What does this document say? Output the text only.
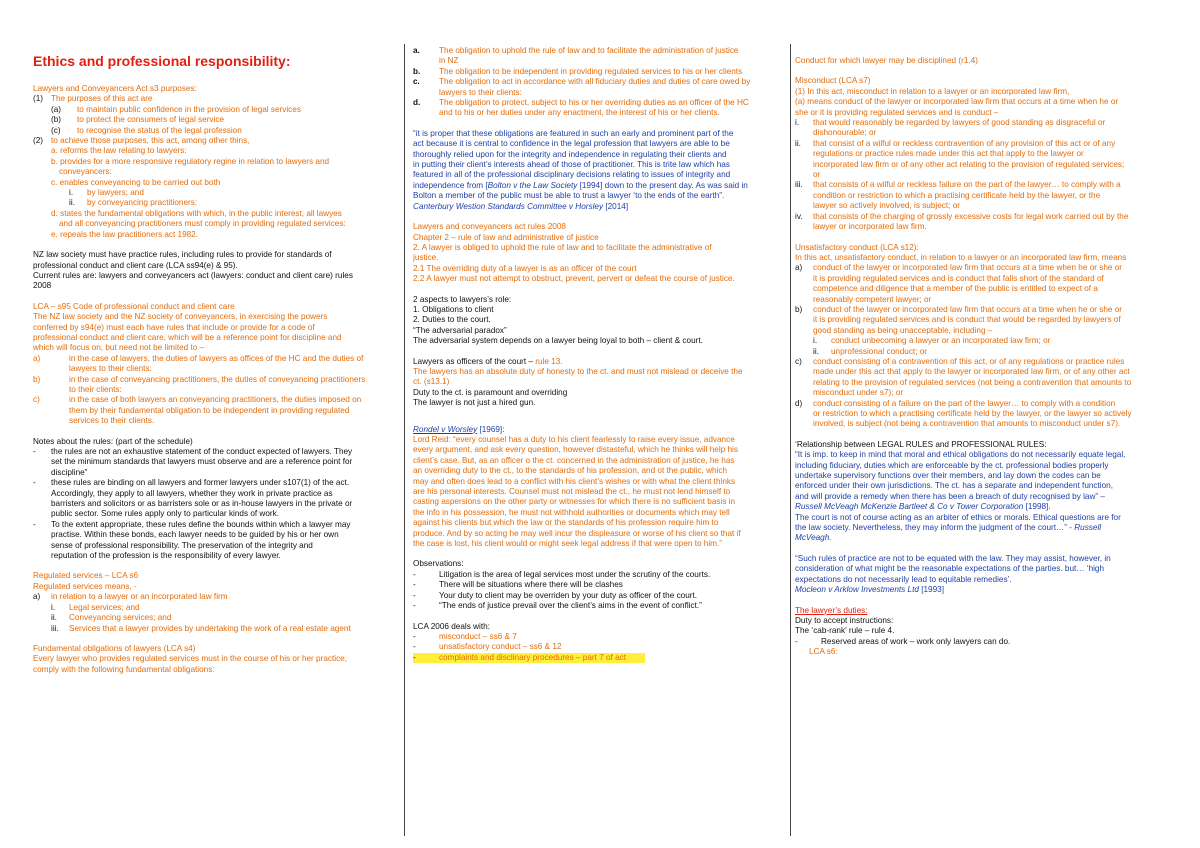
Ethics and professional responsibility:

Lawyers and Conveyancers Act s3 purposes:

(1) The purposes of this act are
(a)	to maintain public confidence in the provision of legal services
(b)	to protect the consumers of legal service
(c)	to recognise the status of the legal profession
(2) to achieve those purposes, this act, among other thins,

a. reforms the law relating to lawyers:

b. provides for a more responsive regulatory regine in relation to lawyers and

conveyancers:

c. enables conveyancing to be carried out both

i.	by lawyers; and
ii.	by conveyancing practitioners:

d. states the fundamental obligations with which, in the public interest, all lawyes

and all conveyancing practitioners must comply in providing regulated services:

e. repeals the law practitioners act 1982.

NZ law society must have practice rules, including rules to provide for standards of

professional conduct and client care (LCA ss94(e) & 95).

Current rules are: lawyers and conveyancers act (lawyers: conduct and client care) rules

2008

LCA – s95 Code of professional conduct and client care

The NZ law society and the NZ society of conveyancers, in exercising the powers

conferred by s94(e) must each have rules that include or provide for a code of

professional conduct and client care, which will be a reference point for discipline and

which will focus on, but need not be limited to –

a)	in the case of lawyers, the duties of lawyers as offices of the HC and the duties of
lawyers to their clients:
b)	in the case of conveyancing practitioners, the duties of conveyancing practitioners
to their clients:
c)	in the case of both lawyers an conveyancing practitioners, the duties imposed on
them by their fundamental obligation to be independent in providing regulated
services to their clients.

Notes about the rules: (part of the schedule)

-	the rules are not an exhaustive statement of the conduct expected of lawyers. They
set the minimum standards that lawyers must observe and are a reference point for
discipline”
-	these rules are binding on all lawyers and former lawyers under s107(1) of the act.
Accordingly, they apply to all lawyers, whether they work in private practice as
barristers and solicitors or as barristers sole or as in-house lawyers in the private or
public sector. Some rules apply only to particular kinds of work.
-	To the extent appropriate, these rules define the bounds within which a lawyer may
practise. Within these bonds, each lawyer needs to be guided by his or her own
sense of professional responsibility. The preservation of the integrity and
reputation of the profession is the responsibility of every lawyer.

Regulated services – LCA s6

Regulated services means, -

a)	in relation to a lawyer or an incorporated law firm
i.	Legal services; and
ii.	Conveyancing services; and
iii.	Services that a lawyer provides by undertaking the work of a real estate agent

Fundamental obligations of lawyers (LCA s4)

Every lawyer who provides regulated services must in the course of his or her practice,

comply with the following fundamental obligations:

a.	The obligation to uphold the rule of law and to facilitate the administration of justice
in NZ
b.	The obligation to be independent in providing regulated services to his or her clients
c.	The obligation to act in accordance with all fiduciary duties and duties of care owed by
lawyers to their clients:
d.	The obligation to protect, subject to his or her overriding duties as an officer of the HC
and to his or her duties under any enactment, the interest of his or her clients.

“it is proper that these obligations are featured in such an early and prominent part of the

act because it is central to confidence in the legal profession that lawyers are able to be

thoroughly relied upon for the integrity and independence in regulating their clients and

in putting their client’s interests ahead of those of practitioner. This is trite law which has

featured in all of the professional disciplinary decisions relating to issues of integrity and

independence from [Bolton v the Law Society [1994] down to the present day. As was said in

Bolton a member of the public must be able to trust a lawyer ‘to the ends of the earth”.

Canterbury Westion Standards Committee v Horsley [2014]

Lawyers and conveyancers act rules 2008

Chapter 2 – rule of law and administrative of justice

2. A lawyer is obliged to uphold the rule of law and to facilitate the administrative of

justice.

2.1 The overriding duty of a lawyer is as an officer of the court

2.2 A lawyer must not attempt to obstruct, prevent, pervert or defeat the course of justice.

2 aspects to lawyers’s role:

1. Obligations to client

2. Duties to the court.

“The adversarial paradox”

The adversarial system depends on a lawyer being loyal to both – client & court.

Lawyers as officers of the court – rule 13.

The lawyers has an absolute duty of honesty to the ct. and must not mislead or deceive the

ct. (s13.1)

Duty to the ct. is paramount and overriding

The lawyer is not just a hired gun.

Rondel v Worsley [1969]:

Lord Reid: “every counsel has a duty to his client fearlessly to raise every issue, advance

every argument, and ask every question, however distasteful, which he thinks will help his

client’s case. But, as an officer o the ct. concerned in the administration of justice, he has

an overriding duty to the ct., to the standards of his profession, and ot the public, which

may and often does lead to a conflict with his client’s wishes or with what the client thinks

are his personal interests. Counsel must not mislead the ct., he must not lend himself to

casting aspersions on the other party or witnesses for which there is no sufficient basis in

the info in his possession, he must not withhold authorities or documents which may tell

against his clients but which the law or the standards of his profession require him to

produce. And by so acting he may well incur the displeasure or worse of his client so that if

the case is lost, his client would or might seek legal address if that were open to him.”

Observations:

-	Litigation is the area of legal services most under the scrutiny of the courts.
-	There will be situations where there will be clashes
-	Your duty to client may be overriden by your duty as officer of the court.
-	“The ends of justice prevail over the client’s aims in the event of conflict.”

LCA 2006 deals with:

-	misconduct – ss6 & 7
-	unsatisfactory conduct – ss6 & 12
-	complaints and disclinary procedures – part 7 of act

Conduct for which lawyer may be disciplined (r1.4)

Misconduct (LCA s7)

(1) In this act, misconduct in relation to a lawyer or an incorporated law firm,

(a) means conduct of the lawyer or incorporated law firm that occurs at a time when he or

she or it is providing regulated services and is conduct –

i.	that would reasonably be regarded by lawyers of good standing as disgraceful or
dishonourable; or
ii.	that consist of a wilful or reckless contravention of any provision of this act or of any
regulations or practice rules made under this act that apply to the lawyer or
incorporated law firm or of any other act relating to the provision of regulated services;
or
iii.	that consists of a wilful or reckless failure on the part of the lawyer… to comply with a
condition or restriction to which a practising certificate held by the lawyer, or the
lawyer so actively involved, is subject; or
iv.	that consists of the charging of grossly excessive costs for legal work carried out by the
lawyer or incorporated law firm.

Unsatisfactory conduct (LCA s12):

In this act, unsatisfactory conduct, in relation to a lawyer or an incorporated law firm, means

a)	conduct of the lawyer or incorporated law firm that occurs at a time when he or she or
it is providing regulated services and is conduct that falls short of the standard of
competence and diligence that a member of the public is entitled to expect of a
reasonably competent lawyer; or
b)	conduct of the lawyer or incorporated law firm that occurs at a time when he or she or
it is providing regulated services and is conduct that would be regarded by lawyers of
good standing as being unacceptable, including –
i.	conduct unbecoming a lawyer or an incorporated law firm; or
ii.	unprofessional conduct; or
c)	conduct consisting of a contravention of this act, or of any regulations or practice rules
made under this act that apply to the lawyer or incorporated law firm, or of any other act
relating to the provision of regulated services (not being a contravention that amounts to
misconduct under s7); or
d)	conduct consisting of a failure on the part of the lawyer… to comply with a condition
or restriction to which a practising certificate held by the lawyer, or the lawyer so actively
involved, is subject (not being a contravention that amounts to misconduct under s7).

‘Relationship between LEGAL RULES and PROFESSIONAL RULES:

“It is imp. to keep in mind that moral and ethical obligations do not necessarily equate legal,

including fiduciary, duties which are enforceable by the ct. professional bodies properly

undertake supervisory functions over their members, and lay down the codes can be

enforced under their own jurisdictions. The ct. has a separate and independent function,

and will provide a remedy when there has been a breach of duty recognised by law” –

Russell McVeagh McKenzie Bartleet & Co v Tower Corporation [1998].

The court is not of course acting as an arbiter of ethics or morals. Ethical questions are for

the law society. Nevertheless, they may inform the judgment of the court…” - Russell

McVeagh.

“Such rules of practice are not to be equated with the law. They may assist, however, in

consideration of what might be the reasonable expectations of the parties. but… ‘high

expectations do not necessarily lead to equitable remedies’.

Mocleon v Arklow Investments Ltd [1993]

The lawyer’s duties:

Duty to accept instructions:

The ‘cab-rank’ rule – rule 4.

-	Reserved areas of work – work only lawyers can do.

LCA s6:
